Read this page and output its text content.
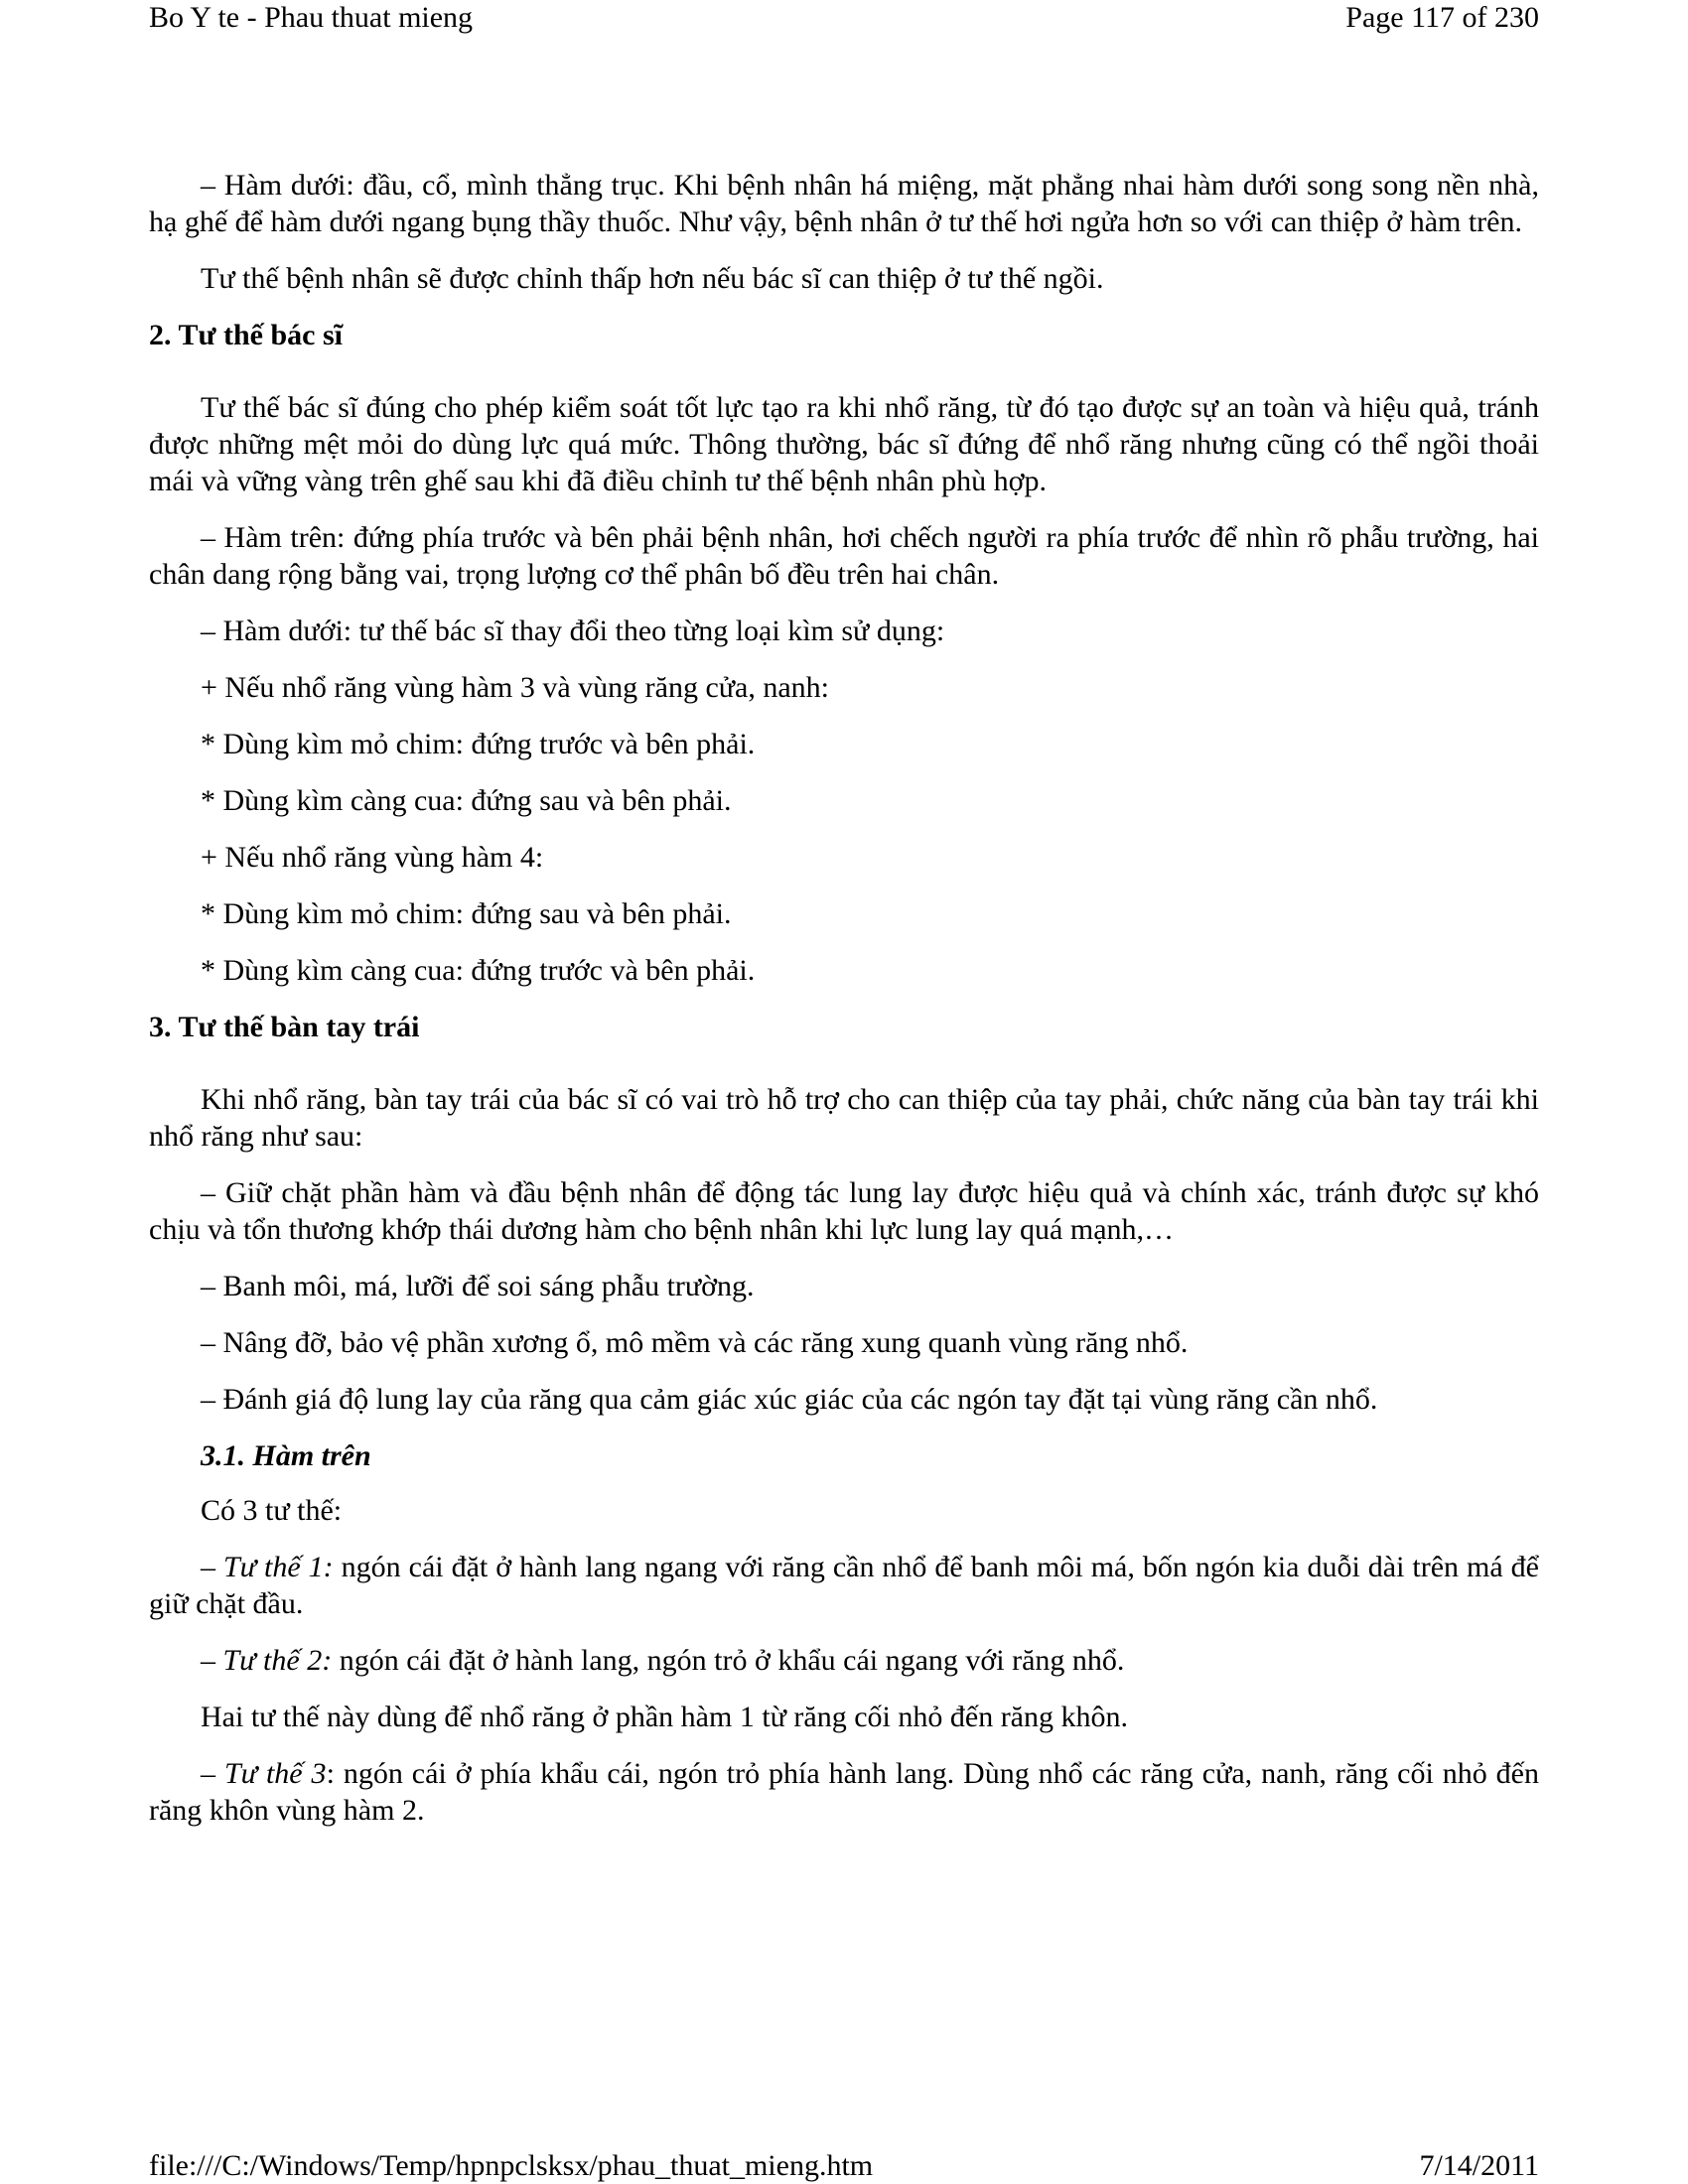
Bo Y te - Phau thuat mieng	Page 117 of 230

– Hàm dưới: đầu, cổ, mình thẳng trục. Khi bệnh nhân há miệng, mặt phẳng nhai hàm dưới song song nền nhà, hạ ghế để hàm dưới ngang bụng thầy thuốc. Như vậy, bệnh nhân ở tư thế hơi ngửa hơn so với can thiệp ở hàm trên.

Tư thế bệnh nhân sẽ được chỉnh thấp hơn nếu bác sĩ can thiệp ở tư thế ngồi.

2. Tư thế bác sĩ

Tư thế bác sĩ đúng cho phép kiểm soát tốt lực tạo ra khi nhổ răng, từ đó tạo được sự an toàn và hiệu quả, tránh được những mệt mỏi do dùng lực quá mức. Thông thường, bác sĩ đứng để nhổ răng nhưng cũng có thể ngồi thoải mái và vững vàng trên ghế sau khi đã điều chỉnh tư thế bệnh nhân phù hợp.

– Hàm trên: đứng phía trước và bên phải bệnh nhân, hơi chếch người ra phía trước để nhìn rõ phẫu trường, hai chân dang rộng bằng vai, trọng lượng cơ thể phân bố đều trên hai chân.

– Hàm dưới: tư thế bác sĩ thay đổi theo từng loại kìm sử dụng:

+ Nếu nhổ răng vùng hàm 3 và vùng răng cửa, nanh:

* Dùng kìm mỏ chim: đứng trước và bên phải.

* Dùng kìm càng cua: đứng sau và bên phải.

+ Nếu nhổ răng vùng hàm 4:

* Dùng kìm mỏ chim: đứng sau và bên phải.

* Dùng kìm càng cua: đứng trước và bên phải.

3. Tư thế bàn tay trái

Khi nhổ răng, bàn tay trái của bác sĩ có vai trò hỗ trợ cho can thiệp của tay phải, chức năng của bàn tay trái khi nhổ răng như sau:

– Giữ chặt phần hàm và đầu bệnh nhân để động tác lung lay được hiệu quả và chính xác, tránh được sự khó chịu và tổn thương khớp thái dương hàm cho bệnh nhân khi lực lung lay quá mạnh,…

– Banh môi, má, lưỡi để soi sáng phẫu trường.

– Nâng đỡ, bảo vệ phần xương ổ, mô mềm và các răng xung quanh vùng răng nhổ.

– Đánh giá độ lung lay của răng qua cảm giác xúc giác của các ngón tay đặt tại vùng răng cần nhổ.

3.1. Hàm trên

Có 3 tư thế:

– Tư thế 1: ngón cái đặt ở hành lang ngang với răng cần nhổ để banh môi má, bốn ngón kia duỗi dài trên má để giữ chặt đầu.

– Tư thế 2: ngón cái đặt ở hành lang, ngón trỏ ở khẩu cái ngang với răng nhổ.

Hai tư thế này dùng để nhổ răng ở phần hàm 1 từ răng cối nhỏ đến răng khôn.

– Tư thế 3: ngón cái ở phía khẩu cái, ngón trỏ phía hành lang. Dùng nhổ các răng cửa, nanh, răng cối nhỏ đến răng khôn vùng hàm 2.

file:///C:/Windows/Temp/hpnpclsksx/phau_thuat_mieng.htm	7/14/2011
